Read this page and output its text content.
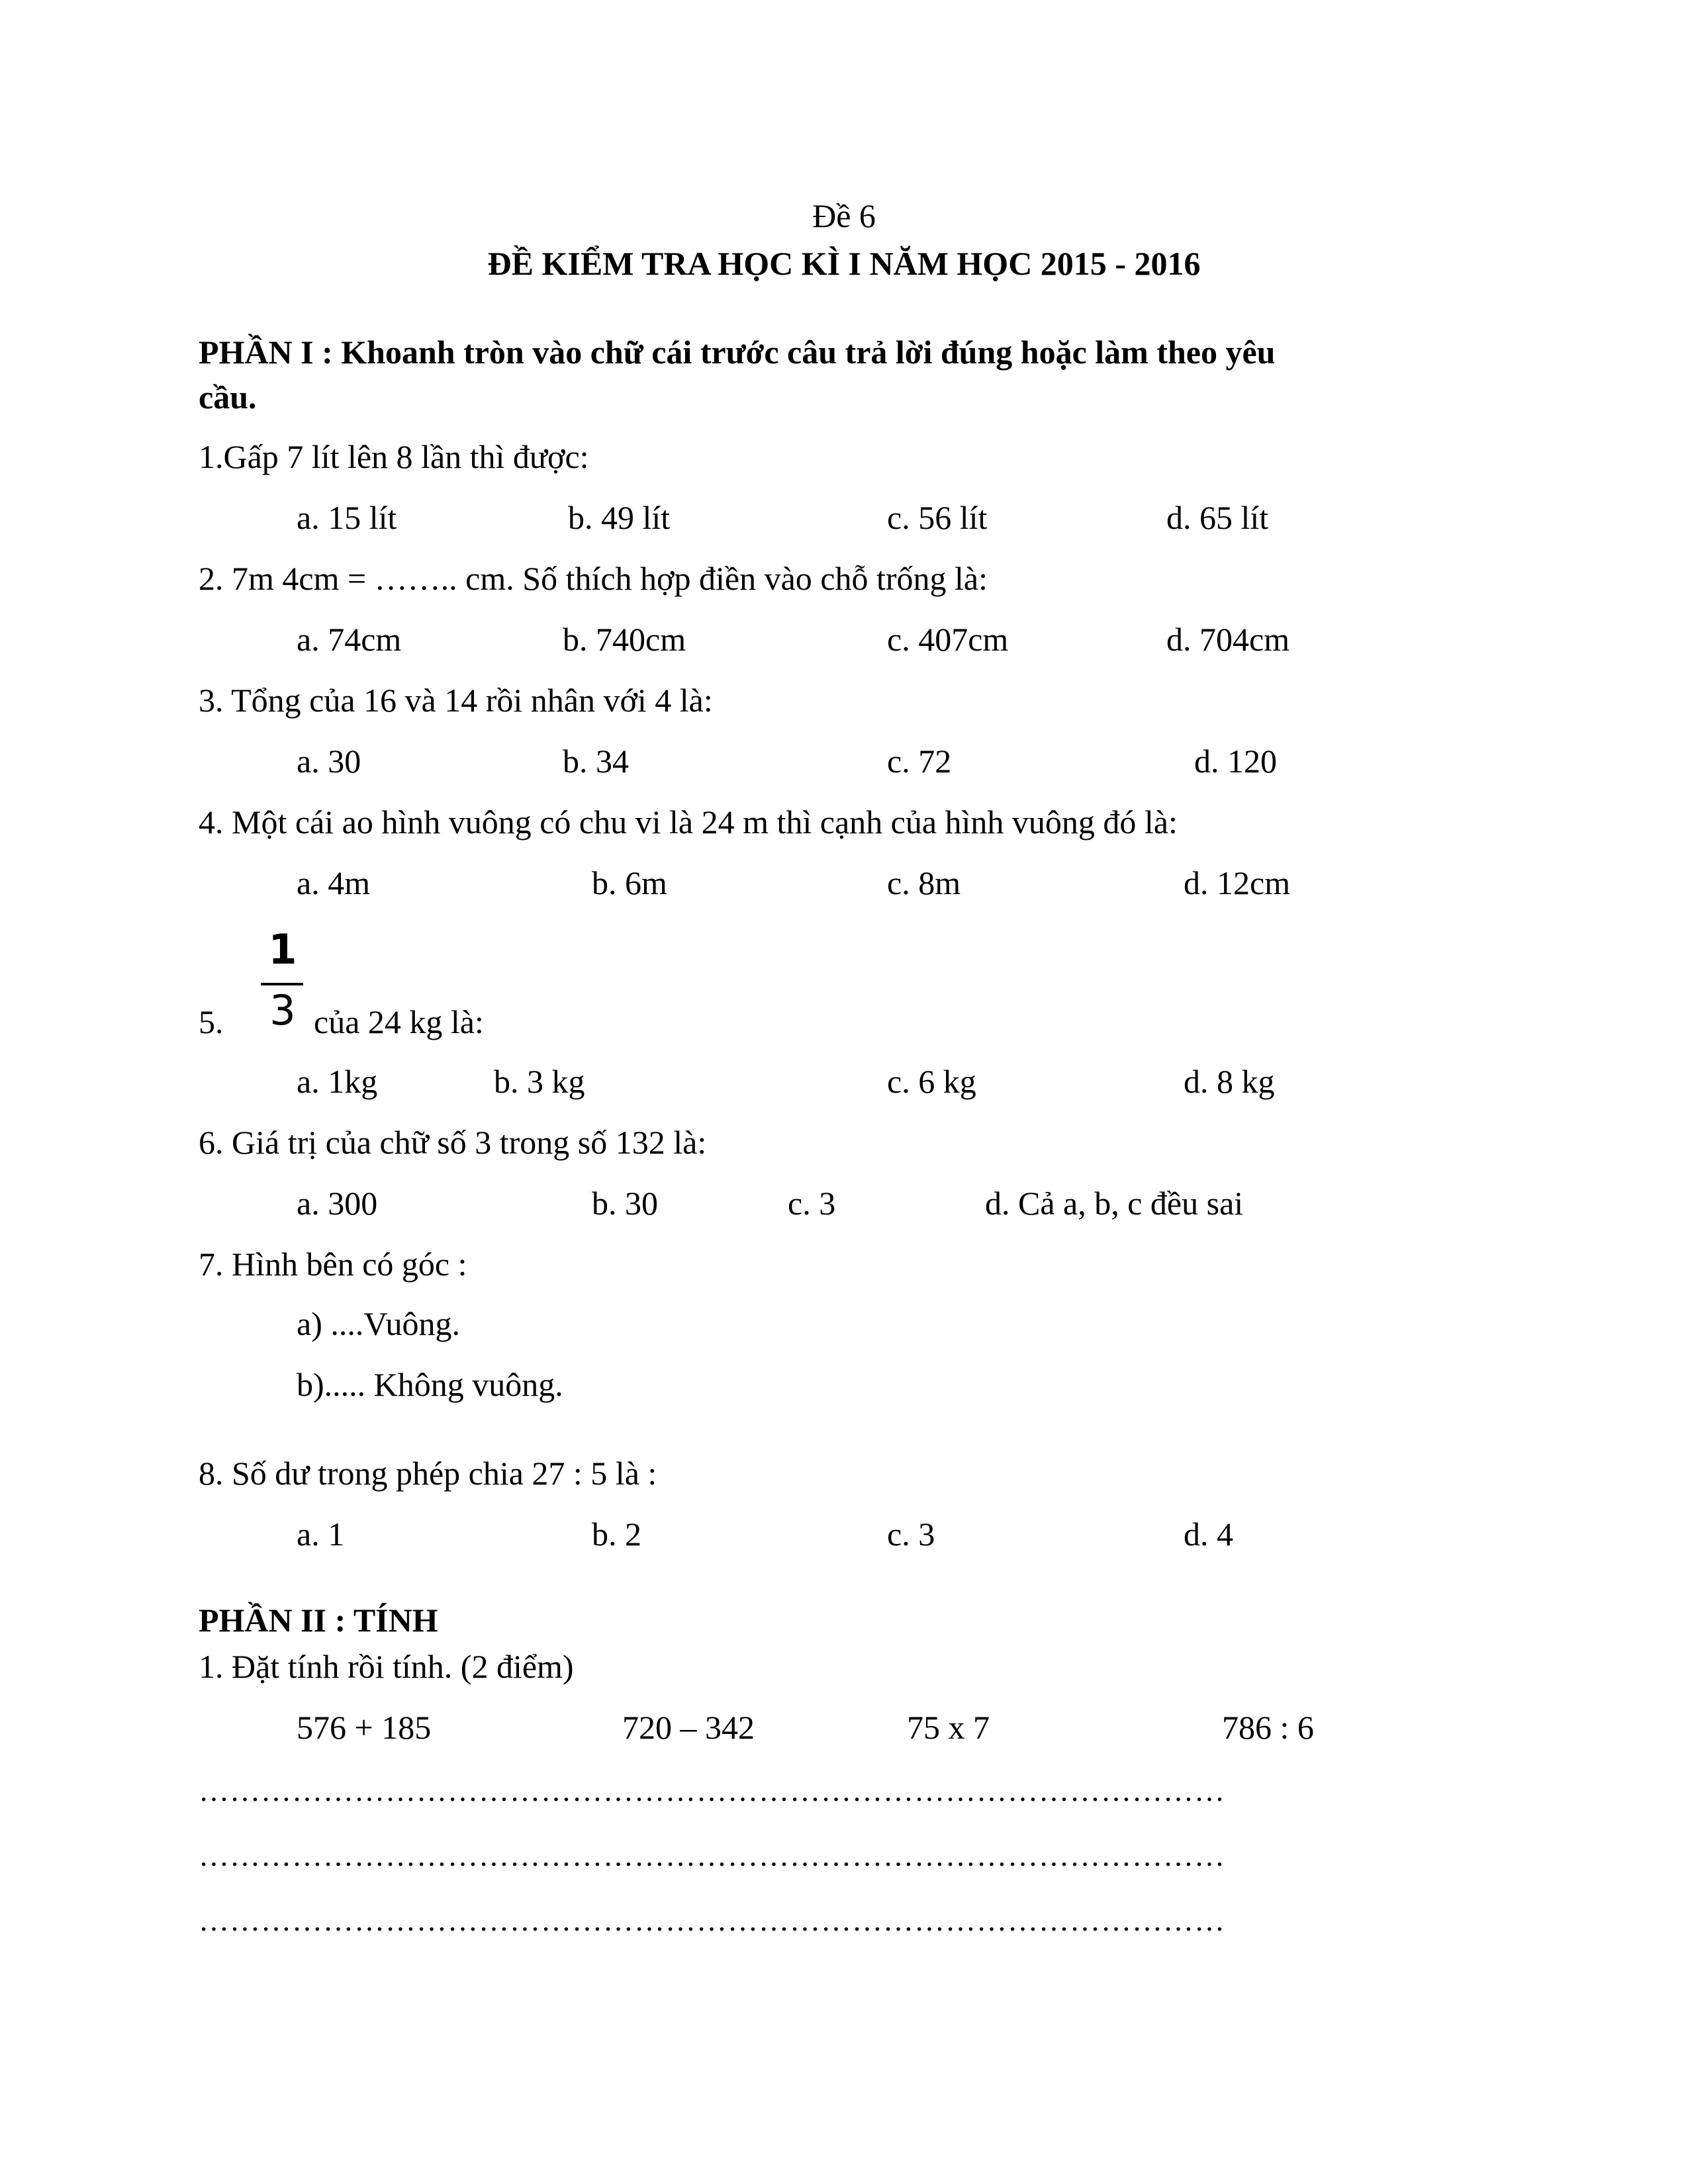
Đề 6
ĐỀ KIỂM TRA HỌC KÌ I NĂM HỌC 2015 - 2016
PHẦN I : Khoanh tròn vào chữ cái trước câu trả lời đúng hoặc làm theo yêu
cầu.
1.Gấp 7 lít lên 8 lần thì được:
a. 15 lít	b. 49 lít	c. 56 lít	d. 65 lít
2. 7m 4cm = …….. cm. Số thích hợp điền vào chỗ trống là:
a. 74cm	b. 740cm	c. 407cm	d. 704cm
3. Tổng của 16 và 14 rồi nhân với 4 là:
a. 30	b. 34	c. 72	d. 120
4. Một cái ao hình vuông có chu vi là 24 m thì cạnh của hình vuông đó là:
a. 4m	b. 6m	c. 8m	d. 12cm
5.
1
3 của 24 kg là:
a. 1kg	b. 3 kg	c. 6 kg	d. 8 kg
6. Giá trị của chữ số 3 trong số 132 là:
a. 300	b. 30	c. 3	d. Cả a, b, c đều sai
7. Hình bên có góc :
a) ....Vuông.
b)..... Không vuông.
8. Số dư trong phép chia 27 : 5 là :
a. 1	b. 2	c. 3	d. 4
PHẦN II : TÍNH
1. Đặt tính rồi tính. (2 điểm)
576 + 185	720 – 342	75 x 7	786 : 6
………………………………………………………………………………………
………………………………………………………………………………………
………………………………………………………………………………………
